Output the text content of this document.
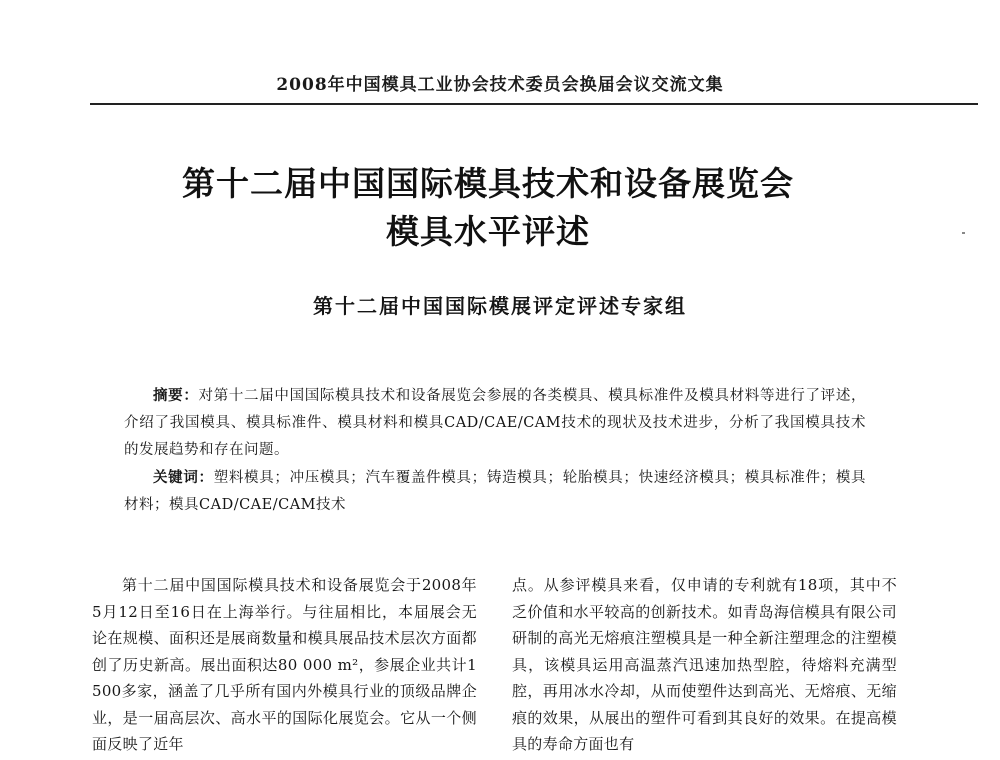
2008年中国模具工业协会技术委员会换届会议交流文集
第十二届中国国际模具技术和设备展览会
模具水平评述
第十二届中国国际模展评定评述专家组

摘要：对第十二届中国国际模具技术和设备展览会参展的各类模具、模具标准件及模具材料等进行了评述，介绍了我国模具、模具标准件、模具材料和模具CAD/CAE/CAM技术的现状及技术进步，分析了我国模具技术的发展趋势和存在问题。

关键词：塑料模具；冲压模具；汽车覆盖件模具；铸造模具；轮胎模具；快速经济模具；模具标准件；模具材料；模具CAD/CAE/CAM技术

第十二届中国国际模具技术和设备展览会于2008年5月12日至16日在上海举行。与往届相比，本届展会无论在规模、面积还是展商数量和模具展品技术层次方面都创了历史新高。展出面积达80 000 m²，参展企业共计1 500多家，涵盖了几乎所有国内外模具行业的顶级品牌企业，是一届高层次、高水平的国际化展览会。它从一个侧面反映了近年

点。从参评模具来看，仅申请的专利就有18项，其中不乏价值和水平较高的创新技术。如青岛海信模具有限公司研制的高光无熔痕注塑模具是一种全新注塑理念的注塑模具，该模具运用高温蒸汽迅速加热型腔，待熔料充满型腔，再用冰水冷却，从而使塑件达到高光、无熔痕、无缩痕的效果，从展出的塑件可看到其良好的效果。在提高模具的寿命方面也有
